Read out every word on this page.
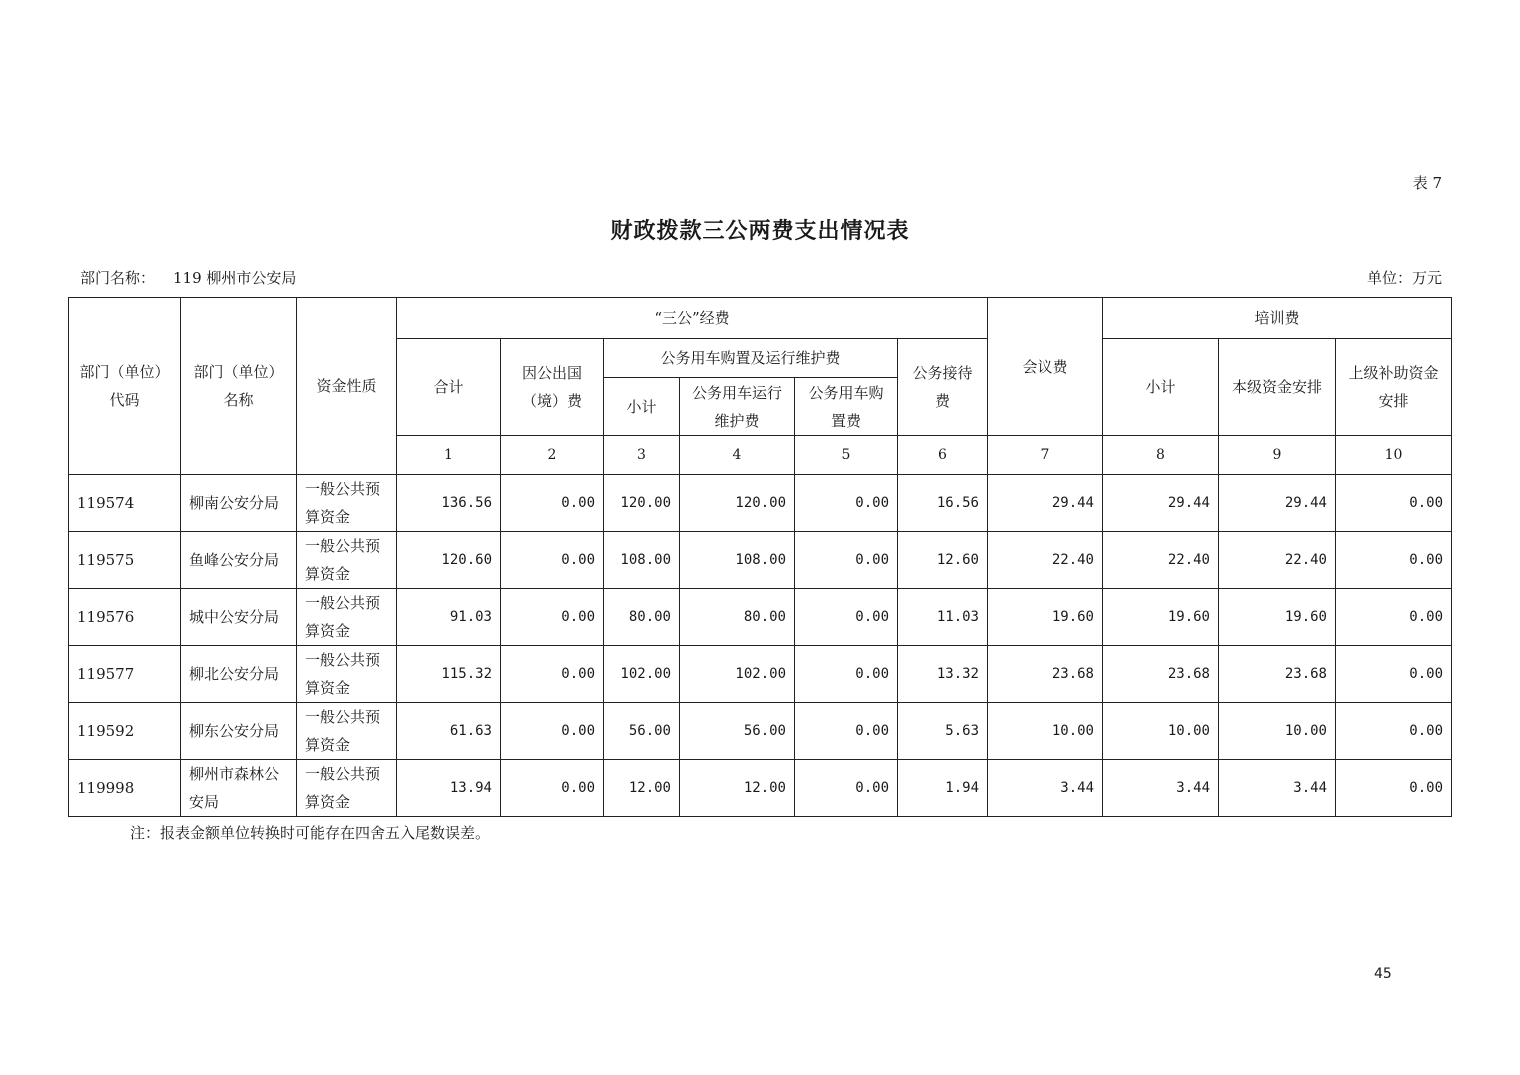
表 7
财政拨款三公两费支出情况表
部门名称： 119 柳州市公安局	单位：万元
部门（单位）代码	部门（单位）名称	资金性质	“三公”经费						会议费	培训费		
			合计	因公出国（境）费	公务用车购置及运行维护费			公务接待费		小计	本级资金安排	上级补助资金安排
					小计	公务用车运行维护费	公务用车购置费					
			1	2	3	4	5	6	7	8	9	10
119574	柳南公安分局	一般公共预算资金	136.56	0.00	120.00	120.00	0.00	16.56	29.44	29.44	29.44	0.00
119575	鱼峰公安分局	一般公共预算资金	120.60	0.00	108.00	108.00	0.00	12.60	22.40	22.40	22.40	0.00
119576	城中公安分局	一般公共预算资金	91.03	0.00	80.00	80.00	0.00	11.03	19.60	19.60	19.60	0.00
119577	柳北公安分局	一般公共预算资金	115.32	0.00	102.00	102.00	0.00	13.32	23.68	23.68	23.68	0.00
119592	柳东公安分局	一般公共预算资金	61.63	0.00	56.00	56.00	0.00	5.63	10.00	10.00	10.00	0.00
119998	柳州市森林公安局	一般公共预算资金	13.94	0.00	12.00	12.00	0.00	1.94	3.44	3.44	3.44	0.00
注：报表金额单位转换时可能存在四舍五入尾数误差。
45
